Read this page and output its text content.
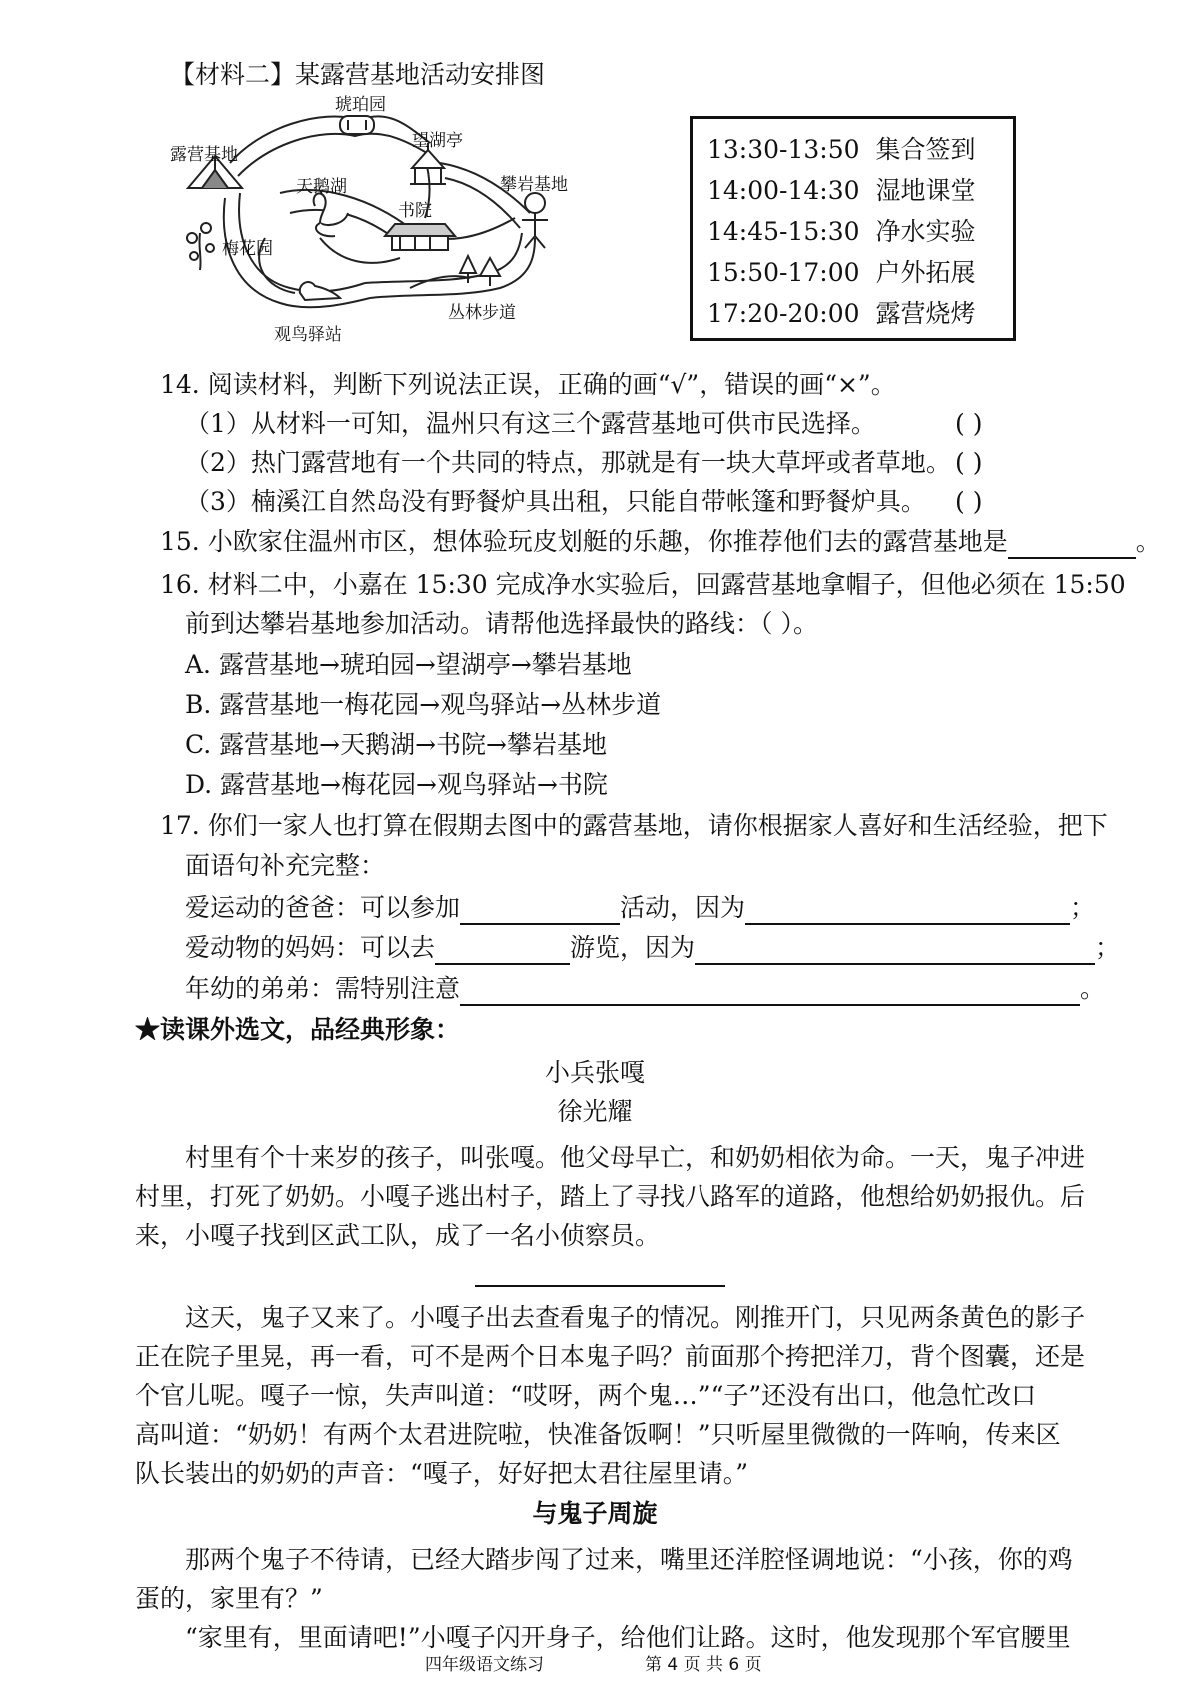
【材料二】某露营基地活动安排图
琥珀园
望湖亭
露营基地
天鹅湖	攀岩基地
书院
梅花园
观鸟驿站
丛林步道
13:30-13:50 集合签到
14:00-14:30 湿地课堂
14:45-15:30 净水实验
15:50-17:00 户外拓展
17:20-20:00 露营烧烤
14. 阅读材料，判断下列说法正误，正确的画“√”，错误的画“×”。
（1）从材料一可知，温州只有这三个露营基地可供市民选择。	( )
（2）热门露营地有一个共同的特点，那就是有一块大草坪或者草地。 ( )
（3）楠溪江自然岛没有野餐炉具出租，只能自带帐篷和野餐炉具。 ( )
15. 小欧家住温州市区，想体验玩皮划艇的乐趣，你推荐他们去的露营基地是	。
16. 材料二中，小嘉在 15:30 完成净水实验后，回露营基地拿帽子，但他必须在 15:50
前到达攀岩基地参加活动。请帮他选择最快的路线：（ ）。
A. 露营基地→琥珀园→望湖亭→攀岩基地
B. 露营基地一梅花园→观鸟驿站→丛林步道
C. 露营基地→天鹅湖→书院→攀岩基地
D. 露营基地→梅花园→观鸟驿站→书院
17. 你们一家人也打算在假期去图中的露营基地，请你根据家人喜好和生活经验，把下
面语句补充完整：
爱运动的爸爸：可以参加	活动，因为	；
爱动物的妈妈：可以去	游览，因为	；
年幼的弟弟：需特别注意	。
★读课外选文，品经典形象：
小兵张嘎
徐光耀
村里有个十来岁的孩子，叫张嘎。他父母早亡，和奶奶相依为命。一天，鬼子冲进
村里，打死了奶奶。小嘎子逃出村子，踏上了寻找八路军的道路，他想给奶奶报仇。后
来，小嘎子找到区武工队，成了一名小侦察员。
这天，鬼子又来了。小嘎子出去查看鬼子的情况。刚推开门，只见两条黄色的影子
正在院子里晃，再一看，可不是两个日本鬼子吗？前面那个挎把洋刀，背个图囊，还是
个官儿呢。嘎子一惊，失声叫道：“哎呀，两个鬼…”“子”还没有出口，他急忙改口
高叫道：“奶奶！有两个太君进院啦，快准备饭啊！”只听屋里微微的一阵响，传来区
队长装出的奶奶的声音：“嘎子，好好把太君往屋里请。”
与鬼子周旋
那两个鬼子不待请，已经大踏步闯了过来，嘴里还洋腔怪调地说：“小孩，你的鸡
蛋的，家里有？”
“家里有，里面请吧!”小嘎子闪开身子，给他们让路。这时，他发现那个军官腰里
四年级语文练习	第 4 页 共 6 页
